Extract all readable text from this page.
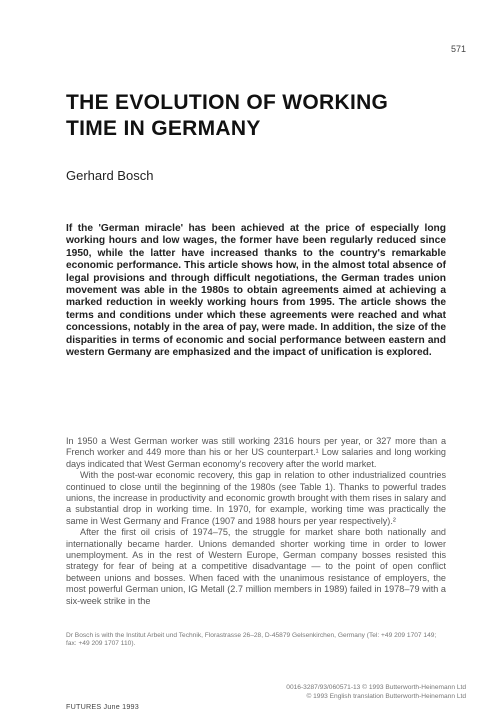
571
THE EVOLUTION OF WORKING
TIME IN GERMANY
Gerhard Bosch

If the 'German miracle' has been achieved at the price of especially long working hours and low wages, the former have been regularly reduced since 1950, while the latter have increased thanks to the country's remarkable economic performance. This article shows how, in the almost total absence of legal provisions and through difficult negotiations, the German trades union movement was able in the 1980s to obtain agreements aimed at achieving a marked reduction in weekly working hours from 1995. The article shows the terms and conditions under which these agreements were reached and what concessions, notably in the area of pay, were made. In addition, the size of the disparities in terms of economic and social performance between eastern and western Germany are emphasized and the impact of unification is explored.

In 1950 a West German worker was still working 2316 hours per year, or 327 more than a French worker and 449 more than his or her US counterpart.¹ Low salaries and long working days indicated that West German economy's recovery after the world market.

With the post-war economic recovery, this gap in relation to other industrialized countries continued to close until the beginning of the 1980s (see Table 1). Thanks to powerful trades unions, the increase in productivity and economic growth brought with them rises in salary and a substantial drop in working time. In 1970, for example, working time was practically the same in West Germany and France (1907 and 1988 hours per year respectively).²

After the first oil crisis of 1974–75, the struggle for market share both nationally and internationally became harder. Unions demanded shorter working time in order to lower unemployment. As in the rest of Western Europe, German company bosses resisted this strategy for fear of being at a competitive disadvantage — to the point of open conflict between unions and bosses. When faced with the unanimous resistance of employers, the most powerful German union, IG Metall (2.7 million members in 1989) failed in 1978–79 with a six-week strike in the

Dr Bosch is with the Institut Arbeit und Technik, Florastrasse 26–28, D-45879 Gelsenkirchen, Germany (Tel: +49 209 1707 149; fax: +49 209 1707 110).
0016-3287/93/060571-13 © 1993 Butterworth-Heinemann Ltd
© 1993 English translation Butterworth-Heinemann Ltd
FUTURES June 1993
